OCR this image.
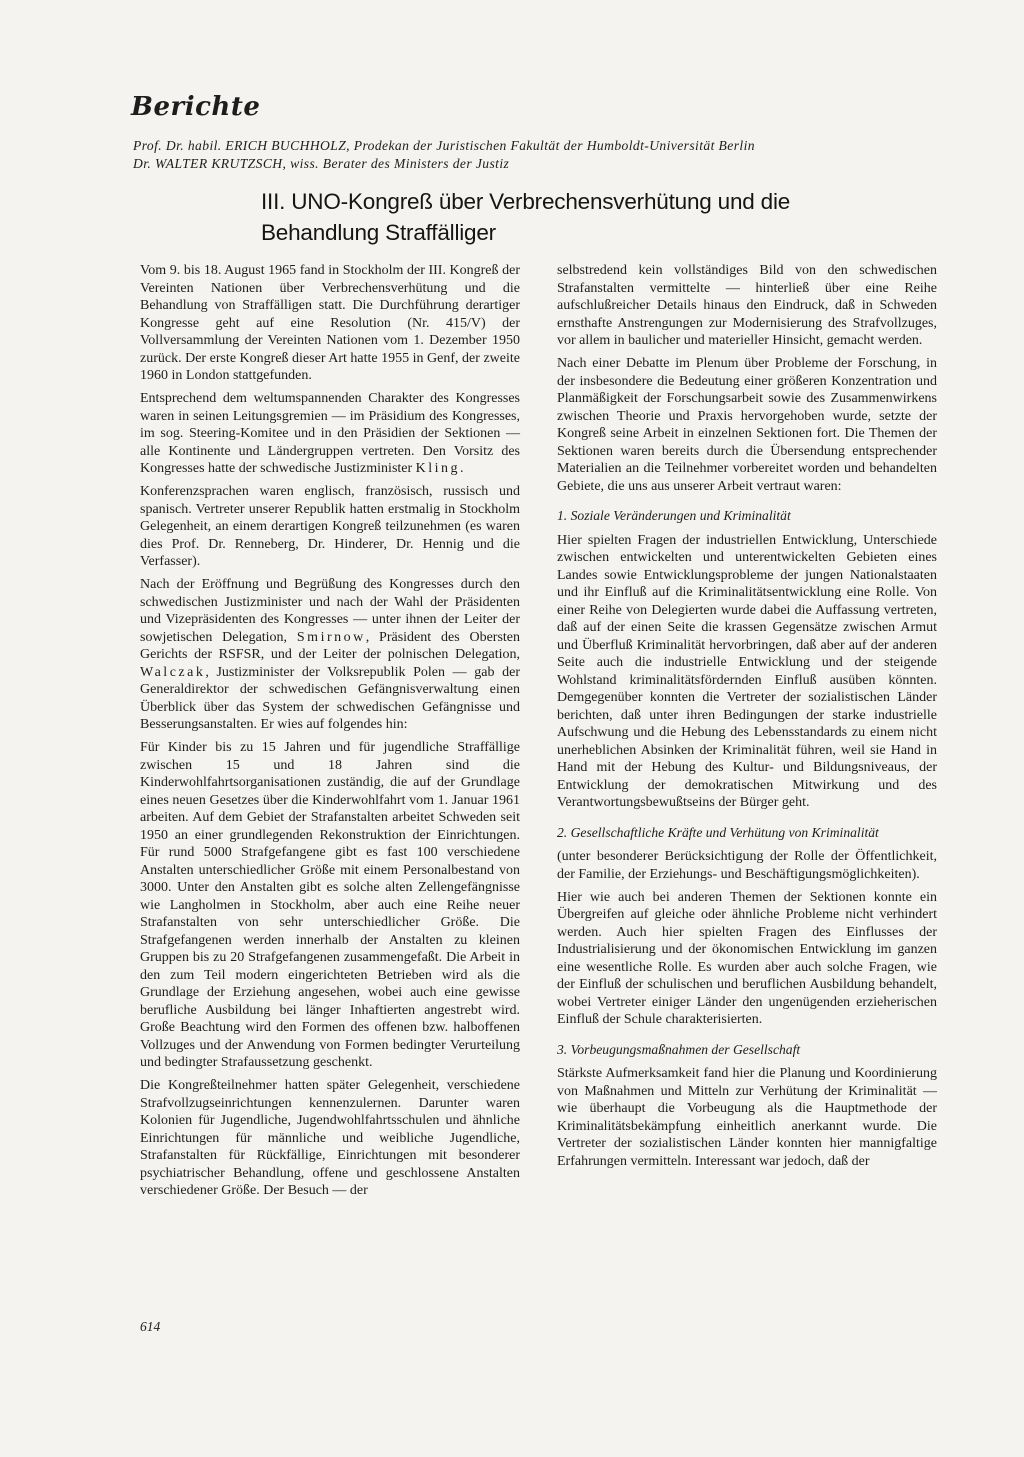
Berichte
Prof. Dr. habil. ERICH BUCHHOLZ, Prodekan der Juristischen Fakultät der Humboldt-Universität Berlin
Dr. WALTER KRUTZSCH, wiss. Berater des Ministers der Justiz
III. UNO-Kongreß über Verbrechensverhütung und die Behandlung Straffälliger

Vom 9. bis 18. August 1965 fand in Stockholm der III. Kongreß der Vereinten Nationen über Verbrechensverhütung und die Behandlung von Straffälligen statt. Die Durchführung derartiger Kongresse geht auf eine Resolution (Nr. 415/V) der Vollversammlung der Vereinten Nationen vom 1. Dezember 1950 zurück. Der erste Kongreß dieser Art hatte 1955 in Genf, der zweite 1960 in London stattgefunden.

Entsprechend dem weltumspannenden Charakter des Kongresses waren in seinen Leitungsgremien — im Präsidium des Kongresses, im sog. Steering-Komitee und in den Präsidien der Sektionen — alle Kontinente und Ländergruppen vertreten. Den Vorsitz des Kongresses hatte der schwedische Justizminister Kling.

Konferenzsprachen waren englisch, französisch, russisch und spanisch. Vertreter unserer Republik hatten erstmalig in Stockholm Gelegenheit, an einem derartigen Kongreß teilzunehmen (es waren dies Prof. Dr. Renneberg, Dr. Hinderer, Dr. Hennig und die Verfasser).

Nach der Eröffnung und Begrüßung des Kongresses durch den schwedischen Justizminister und nach der Wahl der Präsidenten und Vizepräsidenten des Kongresses — unter ihnen der Leiter der sowjetischen Delegation, Smirnow, Präsident des Obersten Gerichts der RSFSR, und der Leiter der polnischen Delegation, Walczak, Justizminister der Volksrepublik Polen — gab der Generaldirektor der schwedischen Gefängnisverwaltung einen Überblick über das System der schwedischen Gefängnisse und Besserungsanstalten. Er wies auf folgendes hin:

Für Kinder bis zu 15 Jahren und für jugendliche Straffällige zwischen 15 und 18 Jahren sind die Kinderwohlfahrtsorganisationen zuständig, die auf der Grundlage eines neuen Gesetzes über die Kinderwohlfahrt vom 1. Januar 1961 arbeiten. Auf dem Gebiet der Strafanstalten arbeitet Schweden seit 1950 an einer grundlegenden Rekonstruktion der Einrichtungen. Für rund 5000 Strafgefangene gibt es fast 100 verschiedene Anstalten unterschiedlicher Größe mit einem Personalbestand von 3000. Unter den Anstalten gibt es solche alten Zellengefängnisse wie Langholmen in Stockholm, aber auch eine Reihe neuer Strafanstalten von sehr unterschiedlicher Größe. Die Strafgefangenen werden innerhalb der Anstalten zu kleinen Gruppen bis zu 20 Strafgefangenen zusammengefaßt. Die Arbeit in den zum Teil modern eingerichteten Betrieben wird als die Grundlage der Erziehung angesehen, wobei auch eine gewisse berufliche Ausbildung bei länger Inhaftierten angestrebt wird. Große Beachtung wird den Formen des offenen bzw. halboffenen Vollzuges und der Anwendung von Formen bedingter Verurteilung und bedingter Strafaussetzung geschenkt.

Die Kongreßteilnehmer hatten später Gelegenheit, verschiedene Strafvollzugseinrichtungen kennenzulernen. Darunter waren Kolonien für Jugendliche, Jugendwohlfahrtsschulen und ähnliche Einrichtungen für männliche und weibliche Jugendliche, Strafanstalten für Rückfällige, Einrichtungen mit besonderer psychiatrischer Behandlung, offene und geschlossene Anstalten verschiedener Größe. Der Besuch — der

selbstredend kein vollständiges Bild von den schwedischen Strafanstalten vermittelte — hinterließ über eine Reihe aufschlußreicher Details hinaus den Eindruck, daß in Schweden ernsthafte Anstrengungen zur Modernisierung des Strafvollzuges, vor allem in baulicher und materieller Hinsicht, gemacht werden.

Nach einer Debatte im Plenum über Probleme der Forschung, in der insbesondere die Bedeutung einer größeren Konzentration und Planmäßigkeit der Forschungsarbeit sowie des Zusammenwirkens zwischen Theorie und Praxis hervorgehoben wurde, setzte der Kongreß seine Arbeit in einzelnen Sektionen fort. Die Themen der Sektionen waren bereits durch die Übersendung entsprechender Materialien an die Teilnehmer vorbereitet worden und behandelten Gebiete, die uns aus unserer Arbeit vertraut waren:

1. Soziale Veränderungen und Kriminalität

Hier spielten Fragen der industriellen Entwicklung, Unterschiede zwischen entwickelten und unterentwickelten Gebieten eines Landes sowie Entwicklungsprobleme der jungen Nationalstaaten und ihr Einfluß auf die Kriminalitätsentwicklung eine Rolle. Von einer Reihe von Delegierten wurde dabei die Auffassung vertreten, daß auf der einen Seite die krassen Gegensätze zwischen Armut und Überfluß Kriminalität hervorbringen, daß aber auf der anderen Seite auch die industrielle Entwicklung und der steigende Wohlstand kriminalitätsfördernden Einfluß ausüben könnten. Demgegenüber konnten die Vertreter der sozialistischen Länder berichten, daß unter ihren Bedingungen der starke industrielle Aufschwung und die Hebung des Lebensstandards zu einem nicht unerheblichen Absinken der Kriminalität führen, weil sie Hand in Hand mit der Hebung des Kultur- und Bildungsniveaus, der Entwicklung der demokratischen Mitwirkung und des Verantwortungsbewußtseins der Bürger geht.

2. Gesellschaftliche Kräfte und Verhütung von Kriminalität

(unter besonderer Berücksichtigung der Rolle der Öffentlichkeit, der Familie, der Erziehungs- und Beschäftigungsmöglichkeiten).

Hier wie auch bei anderen Themen der Sektionen konnte ein Übergreifen auf gleiche oder ähnliche Probleme nicht verhindert werden. Auch hier spielten Fragen des Einflusses der Industrialisierung und der ökonomischen Entwicklung im ganzen eine wesentliche Rolle. Es wurden aber auch solche Fragen, wie der Einfluß der schulischen und beruflichen Ausbildung behandelt, wobei Vertreter einiger Länder den ungenügenden erzieherischen Einfluß der Schule charakterisierten.

3. Vorbeugungsmaßnahmen der Gesellschaft

Stärkste Aufmerksamkeit fand hier die Planung und Koordinierung von Maßnahmen und Mitteln zur Verhütung der Kriminalität — wie überhaupt die Vorbeugung als die Hauptmethode der Kriminalitätsbekämpfung einheitlich anerkannt wurde. Die Vertreter der sozialistischen Länder konnten hier mannigfaltige Erfahrungen vermitteln. Interessant war jedoch, daß der

614
